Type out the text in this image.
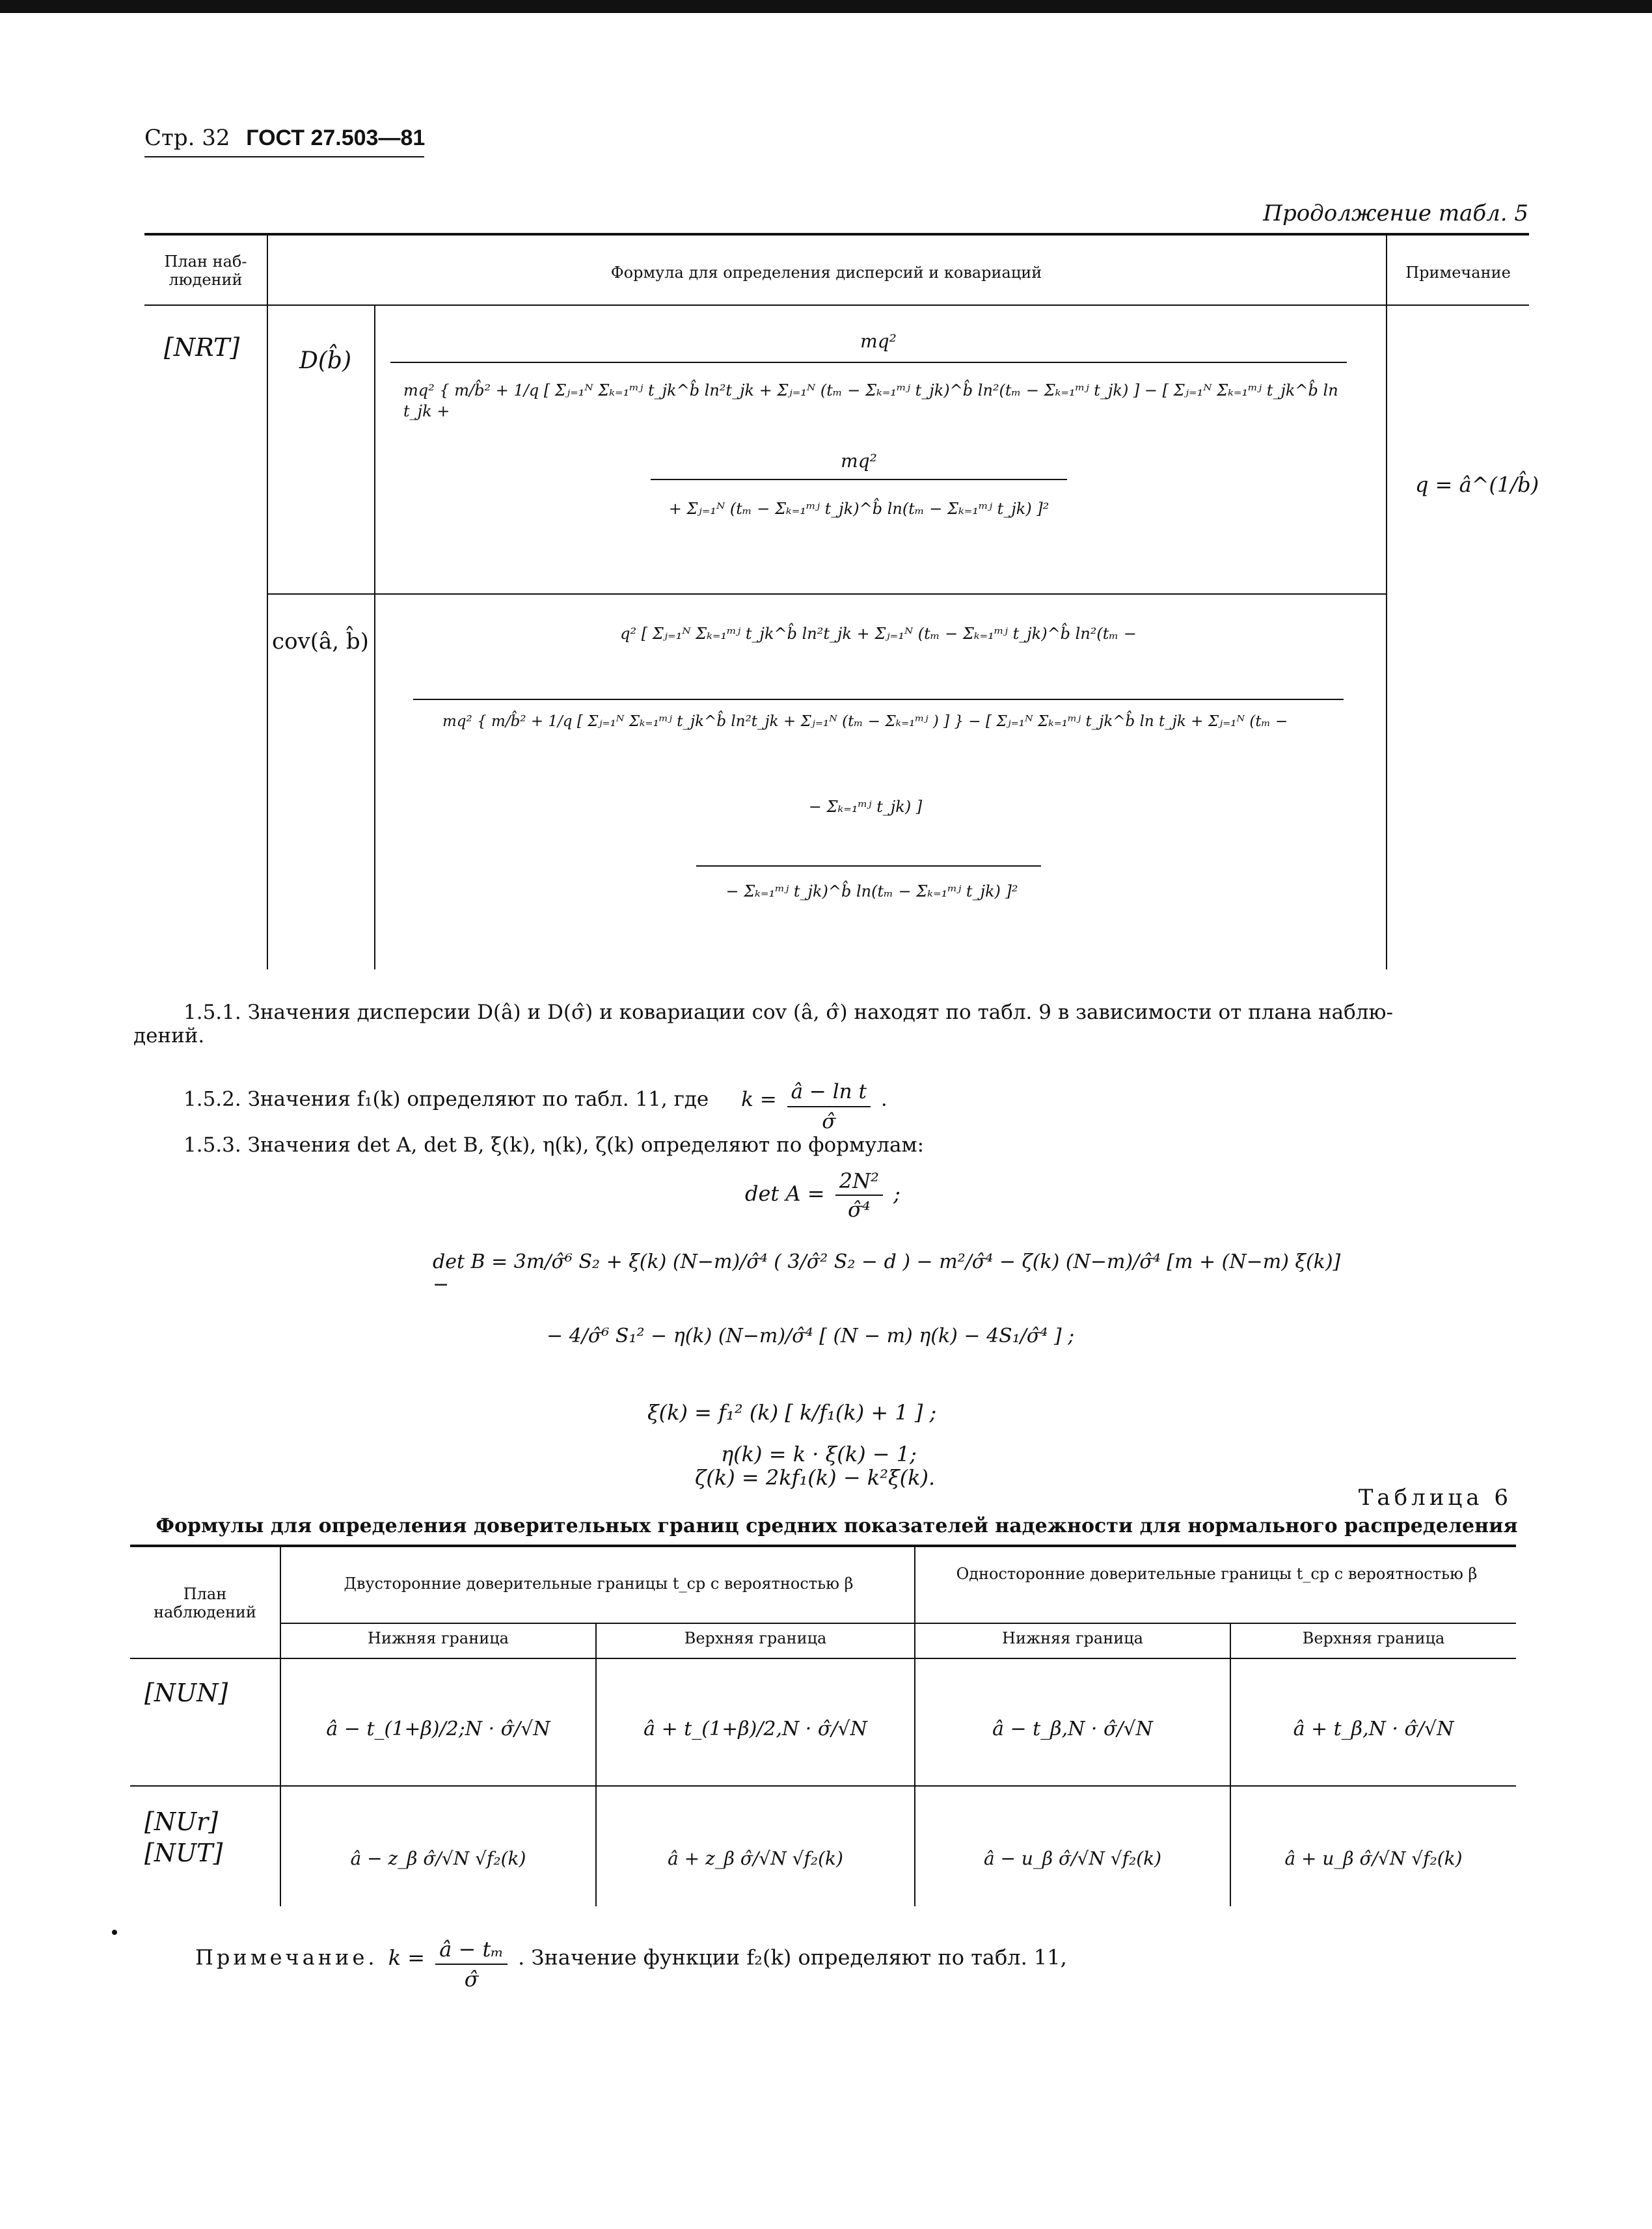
Стр. 32 ГОСТ 27.503—81
Продолжение табл. 5
План наб-
людений	Формула для определения дисперсий и ковариаций	Примечание
[NRT]	D(b̂)
mq²
mq² { m/b̂² + 1/q [ Σⱼ₌₁ᴺ Σₖ₌₁ᵐʲ t_jk^b̂ ln²t_jk + Σⱼ₌₁ᴺ (tₘ − Σₖ₌₁ᵐʲ t_jk)^b̂ ln²(tₘ − Σₖ₌₁ᵐʲ t_jk) ] − [ Σⱼ₌₁ᴺ Σₖ₌₁ᵐʲ t_jk^b̂ ln t_jk +
mq²
+ Σⱼ₌₁ᴺ (tₘ − Σₖ₌₁ᵐʲ t_jk)^b̂ ln(tₘ − Σₖ₌₁ᵐʲ t_jk) ]²
q = â^(1/b̂)
cov(â, b̂)	q² [ Σⱼ₌₁ᴺ Σₖ₌₁ᵐʲ t_jk^b̂ ln²t_jk + Σⱼ₌₁ᴺ (tₘ − Σₖ₌₁ᵐʲ t_jk)^b̂ ln²(tₘ −
mq² { m/b̂² + 1/q [ Σⱼ₌₁ᴺ Σₖ₌₁ᵐʲ t_jk^b̂ ln²t_jk + Σⱼ₌₁ᴺ (tₘ − Σₖ₌₁ᵐʲ ) ] } − [ Σⱼ₌₁ᴺ Σₖ₌₁ᵐʲ t_jk^b̂ ln t_jk + Σⱼ₌₁ᴺ (tₘ −
− Σₖ₌₁ᵐʲ t_jk) ]
− Σₖ₌₁ᵐʲ t_jk)^b̂ ln(tₘ − Σₖ₌₁ᵐʲ t_jk) ]²
1.5.1. Значения дисперсии D(â) и D(σ̂) и ковариации cov (â, σ̂) находят по табл. 9 в зависимости от плана наблю-
дений.
1.5.2. Значения f₁(k) определяют по табл. 11, где $k = \frac{\text{â − ln t}}{\sigmâ}$ .
1.5.3. Значения det A, det B, ξ(k), η(k), ζ(k) определяют по формулам:
$\det A = \frac{\text{2N²}}{\text{σ̂⁴}}$ ;
det B = 3m/σ̂⁶ S₂ + ξ(k) (N−m)/σ̂⁴ ( 3/σ̂² S₂ − d ) − m²/σ̂⁴ − ζ(k) (N−m)/σ̂⁴ [m + (N−m) ξ(k)] −
− 4/σ̂⁶ S₁² − η(k) (N−m)/σ̂⁴ [ (N − m) η(k) − 4S₁/σ̂⁴ ] ;
ξ(k) = f₁² (k) [ k/f₁(k) + 1 ] ;
η(k) = k · ξ(k) − 1;
ζ(k) = 2kf₁(k) − k²ξ(k).
Таблица 6
Формулы для определения доверительных границ средних показателей надежности для нормального распределения
План
наблюдений
Двусторонние доверительные границы t_ср с вероятностью β
Односторонние доверительные границы t_ср с вероятностью β
Нижняя граница	Верхняя граница	Нижняя граница	Верхняя граница
[NUN]
â − t_(1+β)/2;N · σ̂/√N	â + t_(1+β)/2,N · σ̂/√N	â − t_β,N · σ̂/√N	â + t_β,N · σ̂/√N
[NUr]
[NUT]	â − z_β σ̂/√N √f₂(k)	â + z_β σ̂/√N √f₂(k)	â − u_β σ̂/√N √f₂(k)	â + u_β σ̂/√N √f₂(k)
Примечание. $k = \frac{\text{â − tₘ}}{\sigmâ}$ . Значение функции f₂(k) определяют по табл. 11,
